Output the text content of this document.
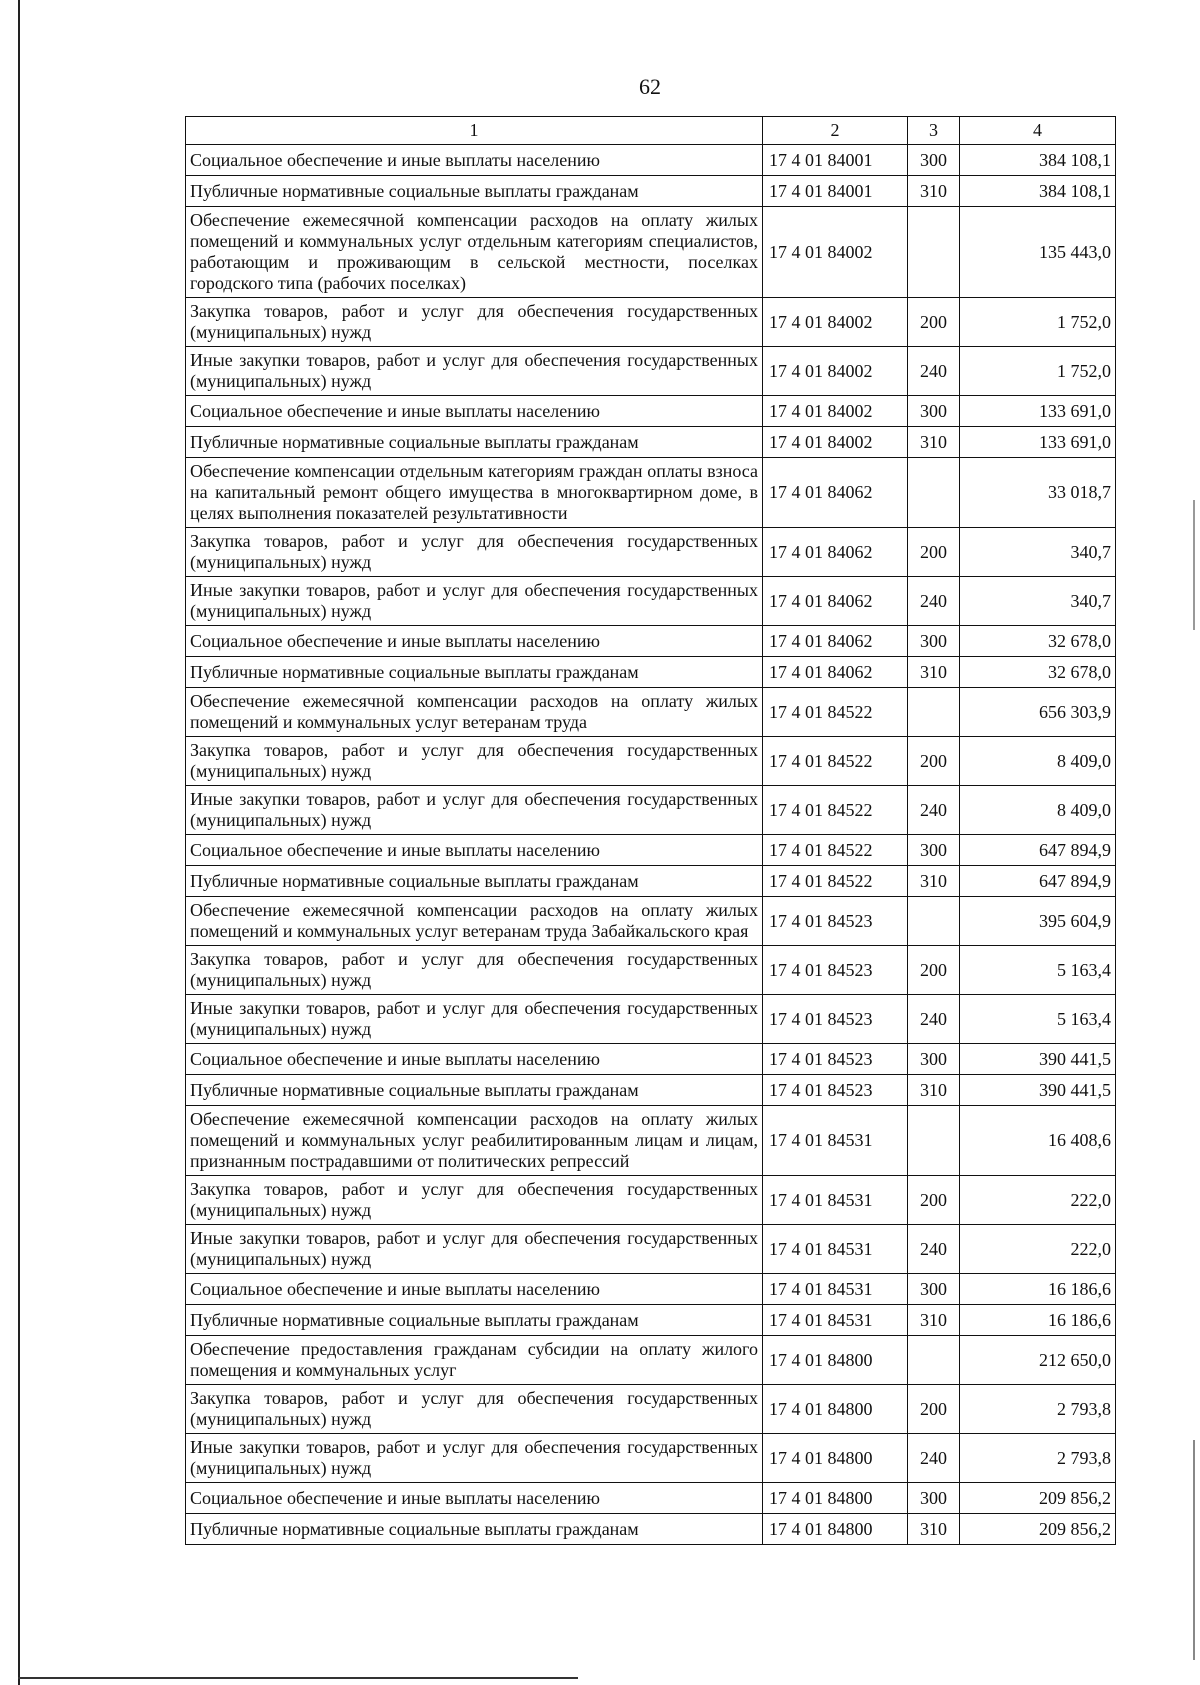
62
1	2	3	4
Социальное обеспечение и иные выплаты населению	17 4 01 84001	300	384 108,1
Публичные нормативные социальные выплаты гражданам	17 4 01 84001	310	384 108,1
Обеспечение ежемесячной компенсации расходов на оплату жилых помещений и коммунальных услуг отдельным категориям специалистов, работающим и проживающим в сельской местности, поселках городского типа (рабочих поселках)	17 4 01 84002		135 443,0
Закупка товаров, работ и услуг для обеспечения государственных (муниципальных) нужд	17 4 01 84002	200	1 752,0
Иные закупки товаров, работ и услуг для обеспечения государственных (муниципальных) нужд	17 4 01 84002	240	1 752,0
Социальное обеспечение и иные выплаты населению	17 4 01 84002	300	133 691,0
Публичные нормативные социальные выплаты гражданам	17 4 01 84002	310	133 691,0
Обеспечение компенсации отдельным категориям граждан оплаты взноса на капитальный ремонт общего имущества в многоквартирном доме, в целях выполнения показателей результативности	17 4 01 84062		33 018,7
Закупка товаров, работ и услуг для обеспечения государственных (муниципальных) нужд	17 4 01 84062	200	340,7
Иные закупки товаров, работ и услуг для обеспечения государственных (муниципальных) нужд	17 4 01 84062	240	340,7
Социальное обеспечение и иные выплаты населению	17 4 01 84062	300	32 678,0
Публичные нормативные социальные выплаты гражданам	17 4 01 84062	310	32 678,0
Обеспечение ежемесячной компенсации расходов на оплату жилых помещений и коммунальных услуг ветеранам труда	17 4 01 84522		656 303,9
Закупка товаров, работ и услуг для обеспечения государственных (муниципальных) нужд	17 4 01 84522	200	8 409,0
Иные закупки товаров, работ и услуг для обеспечения государственных (муниципальных) нужд	17 4 01 84522	240	8 409,0
Социальное обеспечение и иные выплаты населению	17 4 01 84522	300	647 894,9
Публичные нормативные социальные выплаты гражданам	17 4 01 84522	310	647 894,9
Обеспечение ежемесячной компенсации расходов на оплату жилых помещений и коммунальных услуг ветеранам труда Забайкальского края	17 4 01 84523		395 604,9
Закупка товаров, работ и услуг для обеспечения государственных (муниципальных) нужд	17 4 01 84523	200	5 163,4
Иные закупки товаров, работ и услуг для обеспечения государственных (муниципальных) нужд	17 4 01 84523	240	5 163,4
Социальное обеспечение и иные выплаты населению	17 4 01 84523	300	390 441,5
Публичные нормативные социальные выплаты гражданам	17 4 01 84523	310	390 441,5
Обеспечение ежемесячной компенсации расходов на оплату жилых помещений и коммунальных услуг реабилитированным лицам и лицам, признанным пострадавшими от политических репрессий	17 4 01 84531		16 408,6
Закупка товаров, работ и услуг для обеспечения государственных (муниципальных) нужд	17 4 01 84531	200	222,0
Иные закупки товаров, работ и услуг для обеспечения государственных (муниципальных) нужд	17 4 01 84531	240	222,0
Социальное обеспечение и иные выплаты населению	17 4 01 84531	300	16 186,6
Публичные нормативные социальные выплаты гражданам	17 4 01 84531	310	16 186,6
Обеспечение предоставления гражданам субсидии на оплату жилого помещения и коммунальных услуг	17 4 01 84800		212 650,0
Закупка товаров, работ и услуг для обеспечения государственных (муниципальных) нужд	17 4 01 84800	200	2 793,8
Иные закупки товаров, работ и услуг для обеспечения государственных (муниципальных) нужд	17 4 01 84800	240	2 793,8
Социальное обеспечение и иные выплаты населению	17 4 01 84800	300	209 856,2
Публичные нормативные социальные выплаты гражданам	17 4 01 84800	310	209 856,2
